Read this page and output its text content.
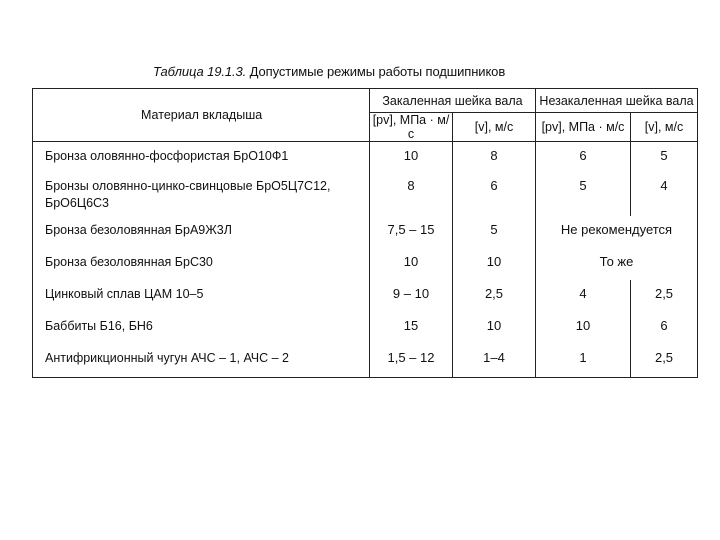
Таблица 19.1.3. Допустимые режимы работы подшипников
Материал вкладыша	Закаленная шейка вала		Незакаленная шейка вала	
	[pv], МПа · м/с	[v], м/с	[pv], МПа · м/с	[v], м/с
Бронза оловянно-фосфористая БрО10Ф1	10	8	6	5
Бронзы оловянно-цинко-свинцовые БрО5Ц7С12, БрО6Ц6С3	8	6	5	4
Бронза безоловянная БрА9Ж3Л	7,5 – 15	5	Не рекомендуется	
Бронза безоловянная БрС30	10	10	То же	
Цинковый сплав ЦАМ 10–5	9 – 10	2,5	4	2,5
Баббиты Б16, БН6	15	10	10	6
Антифрикционный чугун АЧС – 1, АЧС – 2	1,5 – 12	1–4	1	2,5
